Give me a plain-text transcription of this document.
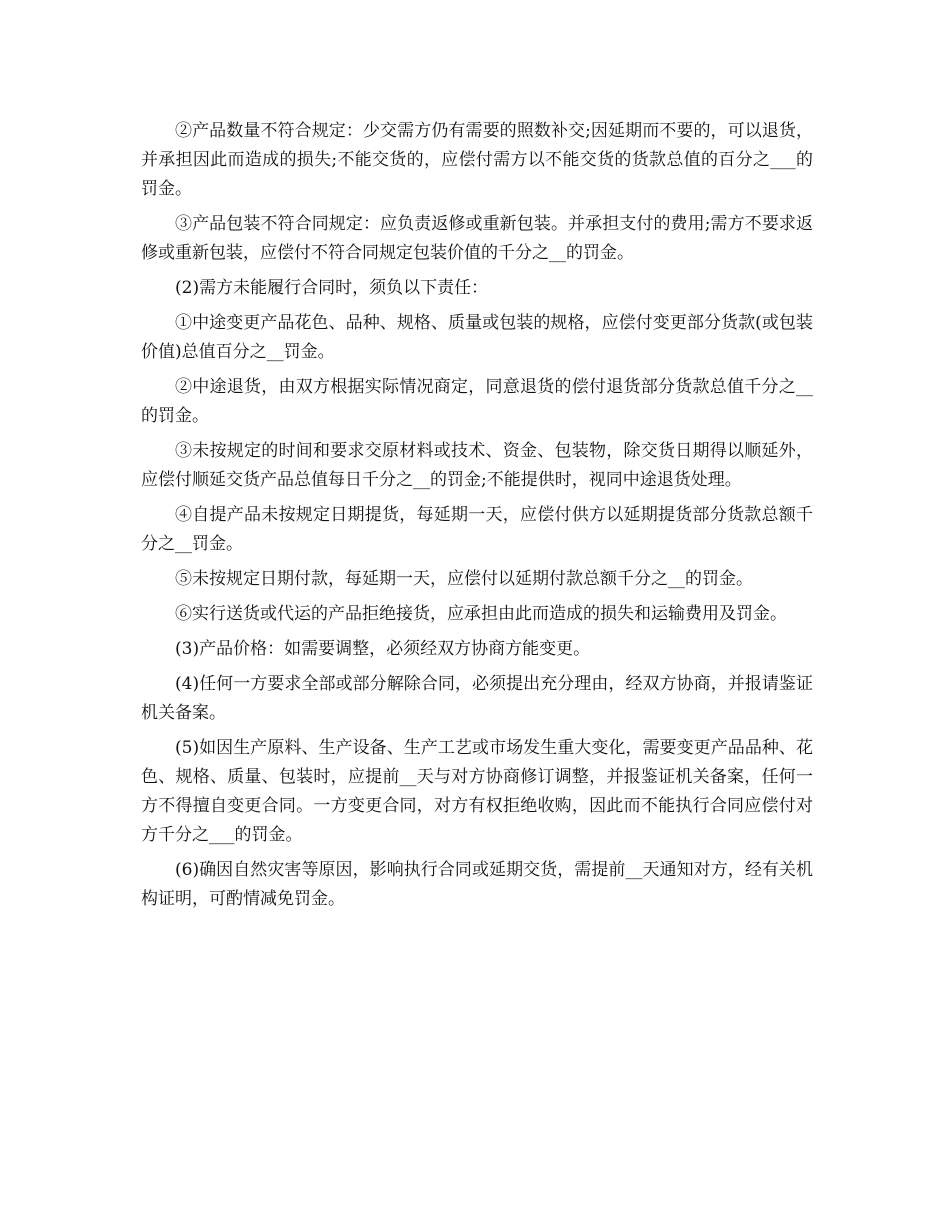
②产品数量不符合规定：少交需方仍有需要的照数补交;因延期而不要的，可以退货，并承担因此而造成的损失;不能交货的，应偿付需方以不能交货的货款总值的百分之___的罚金。

③产品包装不符合同规定：应负责返修或重新包装。并承担支付的费用;需方不要求返修或重新包装，应偿付不符合同规定包装价值的千分之__的罚金。

(2)需方未能履行合同时，须负以下责任：

①中途变更产品花色、品种、规格、质量或包装的规格，应偿付变更部分货款(或包装价值)总值百分之__罚金。

②中途退货，由双方根据实际情况商定，同意退货的偿付退货部分货款总值千分之__的罚金。

③未按规定的时间和要求交原材料或技术、资金、包装物，除交货日期得以顺延外，应偿付顺延交货产品总值每日千分之__的罚金;不能提供时，视同中途退货处理。

④自提产品未按规定日期提货，每延期一天，应偿付供方以延期提货部分货款总额千分之__罚金。

⑤未按规定日期付款，每延期一天，应偿付以延期付款总额千分之__的罚金。

⑥实行送货或代运的产品拒绝接货，应承担由此而造成的损失和运输费用及罚金。

(3)产品价格：如需要调整，必须经双方协商方能变更。

(4)任何一方要求全部或部分解除合同，必须提出充分理由，经双方协商，并报请鉴证机关备案。

(5)如因生产原料、生产设备、生产工艺或市场发生重大变化，需要变更产品品种、花色、规格、质量、包装时，应提前__天与对方协商修订调整，并报鉴证机关备案，任何一方不得擅自变更合同。一方变更合同，对方有权拒绝收购，因此而不能执行合同应偿付对方千分之___的罚金。

(6)确因自然灾害等原因，影响执行合同或延期交货，需提前__天通知对方，经有关机构证明，可酌情减免罚金。
